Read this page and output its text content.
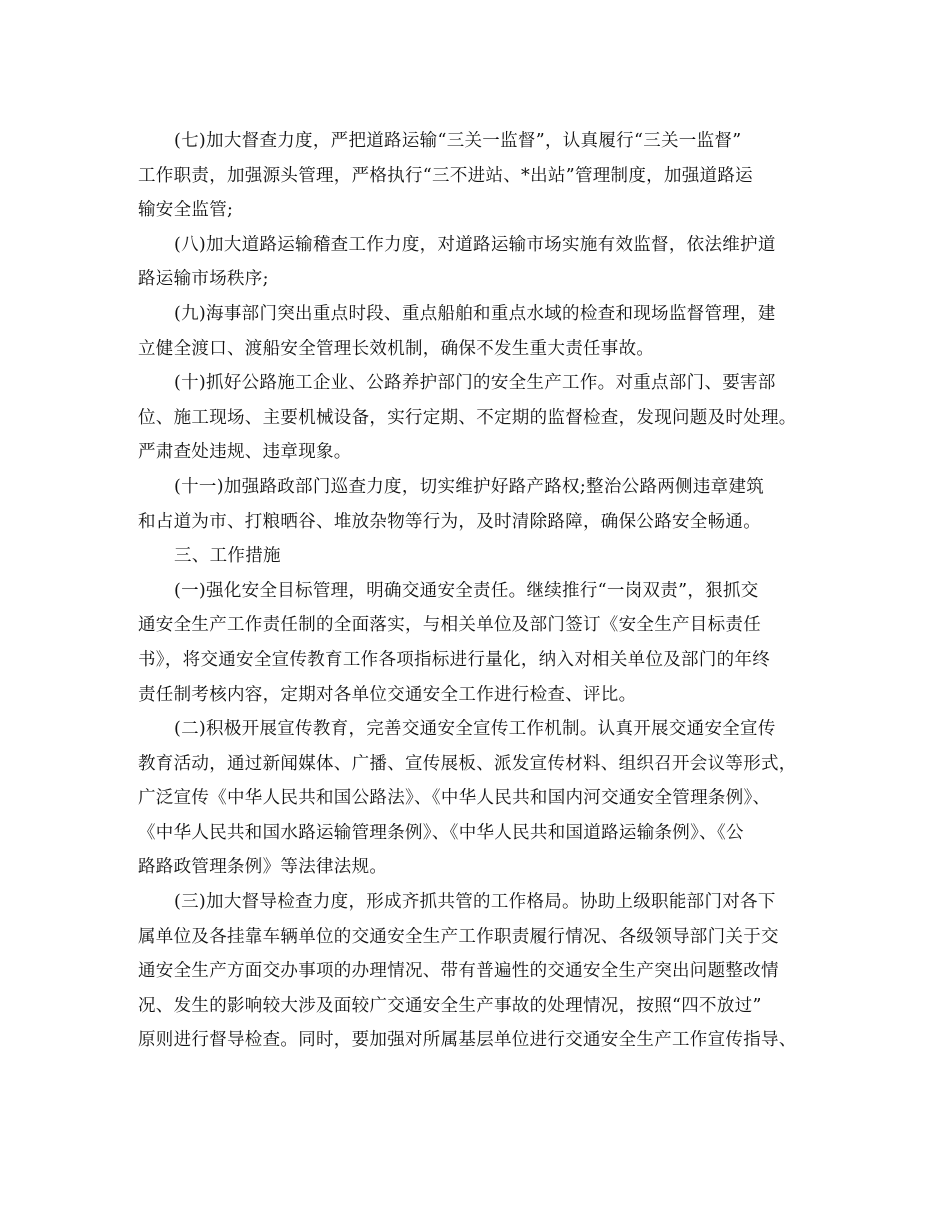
(七)加大督查力度，严把道路运输“三关一监督”，认真履行“三关一监督”
工作职责，加强源头管理，严格执行“三不进站、*出站”管理制度，加强道路运
输安全监管;
(八)加大道路运输稽查工作力度，对道路运输市场实施有效监督，依法维护道
路运输市场秩序;
(九)海事部门突出重点时段、重点船舶和重点水域的检查和现场监督管理，建
立健全渡口、渡船安全管理长效机制，确保不发生重大责任事故。
(十)抓好公路施工企业、公路养护部门的安全生产工作。对重点部门、要害部
位、施工现场、主要机械设备，实行定期、不定期的监督检查，发现问题及时处理。
严肃查处违规、违章现象。
(十一)加强路政部门巡查力度，切实维护好路产路权;整治公路两侧违章建筑
和占道为市、打粮晒谷、堆放杂物等行为，及时清除路障，确保公路安全畅通。
三、工作措施
(一)强化安全目标管理，明确交通安全责任。继续推行“一岗双责”，狠抓交
通安全生产工作责任制的全面落实，与相关单位及部门签订《安全生产目标责任
书》，将交通安全宣传教育工作各项指标进行量化，纳入对相关单位及部门的年终
责任制考核内容，定期对各单位交通安全工作进行检查、评比。
(二)积极开展宣传教育，完善交通安全宣传工作机制。认真开展交通安全宣传
教育活动，通过新闻媒体、广播、宣传展板、派发宣传材料、组织召开会议等形式，
广泛宣传《中华人民共和国公路法》、《中华人民共和国内河交通安全管理条例》、
《中华人民共和国水路运输管理条例》、《中华人民共和国道路运输条例》、《公
路路政管理条例》等法律法规。
(三)加大督导检查力度，形成齐抓共管的工作格局。协助上级职能部门对各下
属单位及各挂靠车辆单位的交通安全生产工作职责履行情况、各级领导部门关于交
通安全生产方面交办事项的办理情况、带有普遍性的交通安全生产突出问题整改情
况、发生的影响较大涉及面较广交通安全生产事故的处理情况，按照“四不放过”
原则进行督导检查。同时，要加强对所属基层单位进行交通安全生产工作宣传指导、
